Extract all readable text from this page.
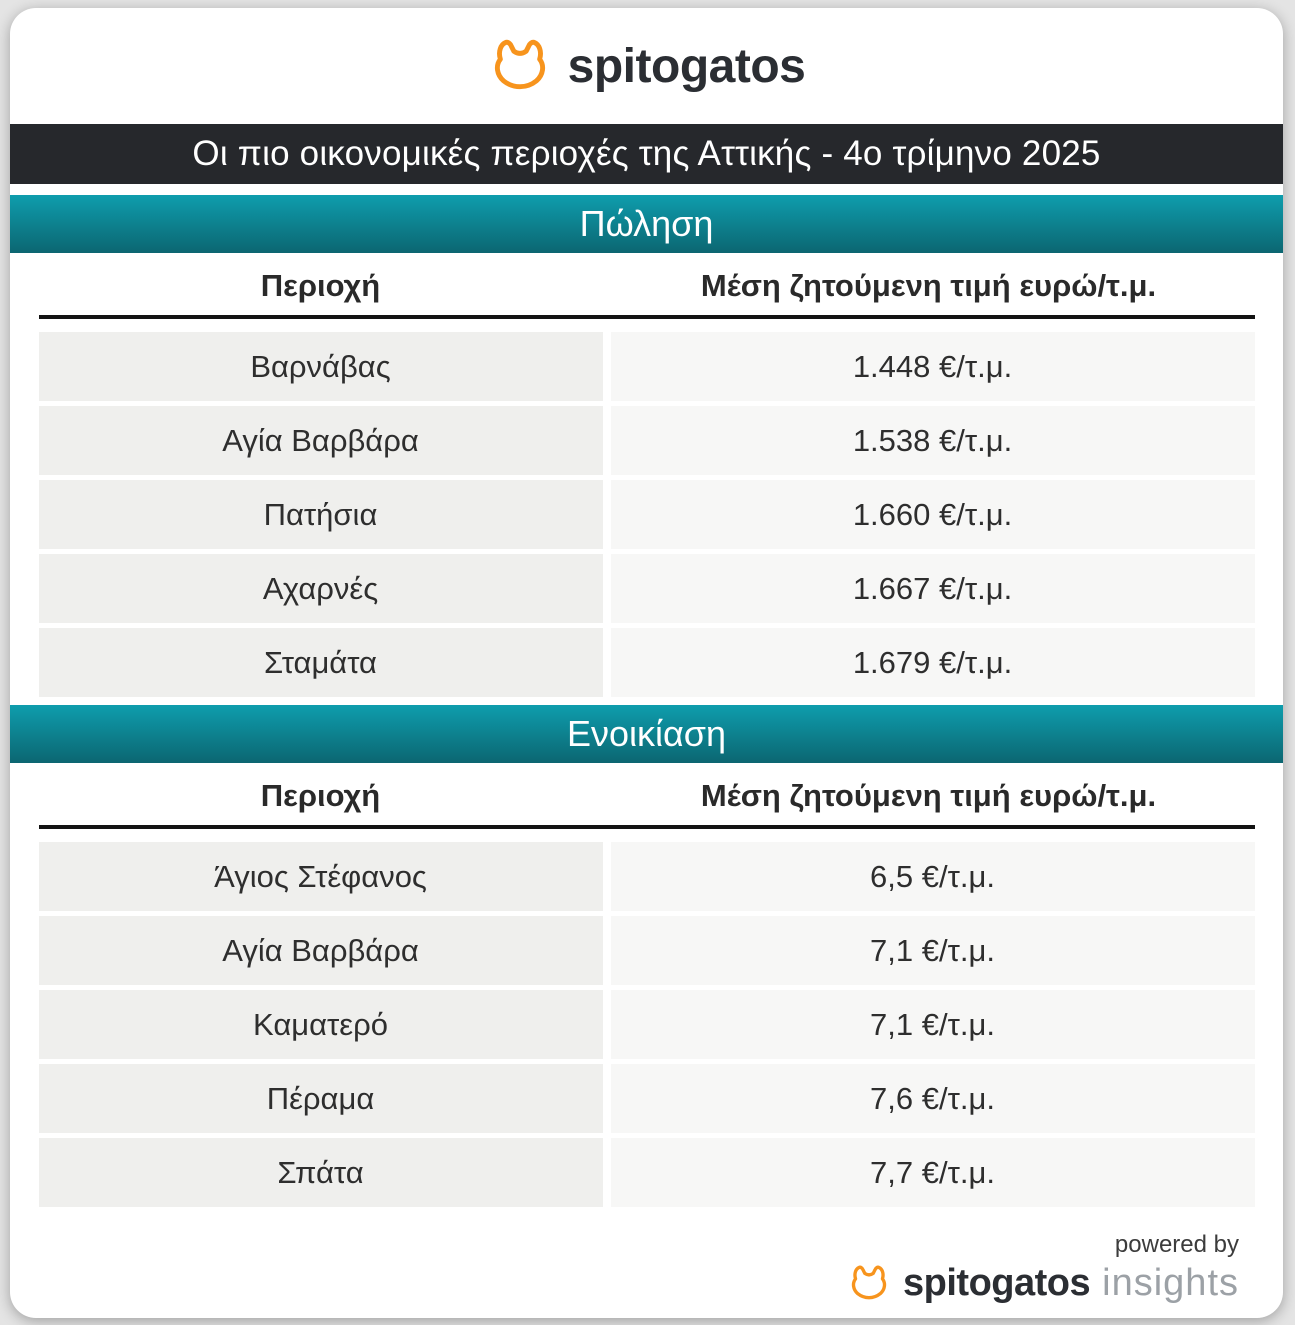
spitogatos
Οι πιο οικονομικές περιοχές της Αττικής - 4ο τρίμηνο 2025
Πώληση
Περιοχή	Μέση ζητούμενη τιμή ευρώ/τ.μ.
Βαρνάβας	1.448 €/τ.μ.
Αγία Βαρβάρα	1.538 €/τ.μ.
Πατήσια	1.660 €/τ.μ.
Αχαρνές	1.667 €/τ.μ.
Σταμάτα	1.679 €/τ.μ.
Ενοικίαση
Περιοχή	Μέση ζητούμενη τιμή ευρώ/τ.μ.
Άγιος Στέφανος	6,5 €/τ.μ.
Αγία Βαρβάρα	7,1 €/τ.μ.
Καματερό	7,1 €/τ.μ.
Πέραμα	7,6 €/τ.μ.
Σπάτα	7,7 €/τ.μ.
powered by
spitogatos insights
